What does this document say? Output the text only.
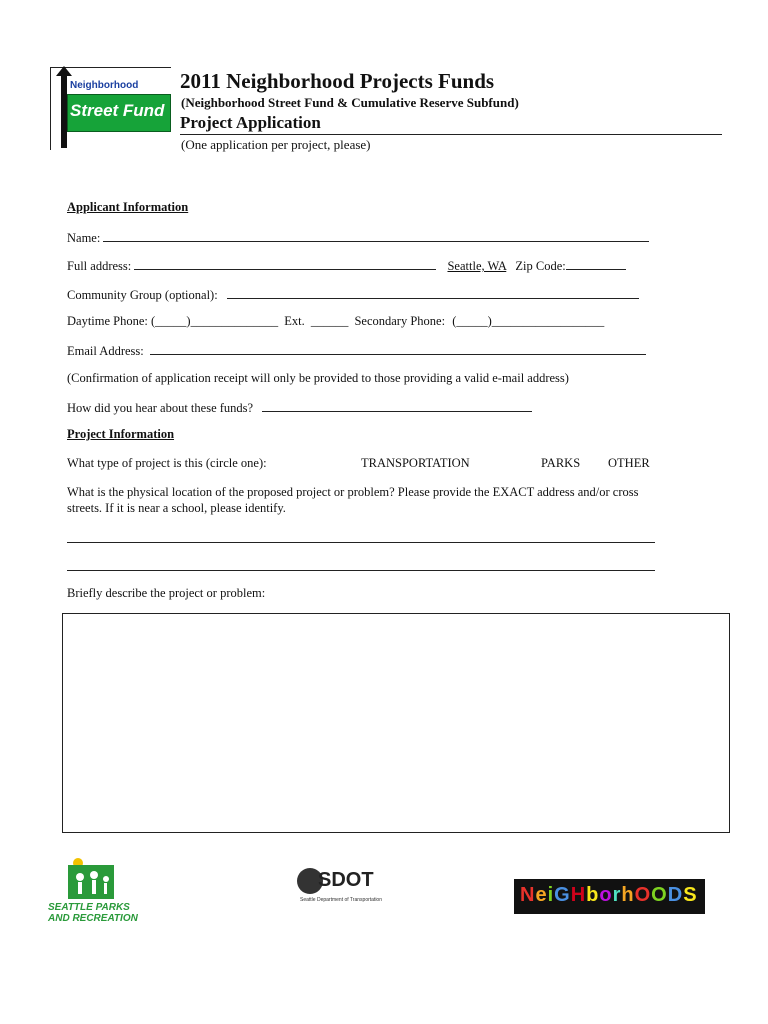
Neighborhood
Street Fund
2011 Neighborhood Projects Funds
(Neighborhood Street Fund & Cumulative Reserve Subfund)
Project Application
(One application per project, please)
Applicant Information
Name:
Full address:	Seattle, WA Zip Code:
Community Group (optional):
Daytime Phone: (_____)______________ Ext. ______ Secondary Phone: (_____)__________________
Email Address:
(Confirmation of application receipt will only be provided to those providing a valid e-mail address)
How did you hear about these funds?
Project Information
What type of project is this (circle one):	TRANSPORTATION	PARKS OTHER
What is the physical location of the proposed project or problem? Please provide the EXACT address and/or cross
streets. If it is near a school, please identify.
Briefly describe the project or problem:
SEATTLE PARKS
AND RECREATION
SDOT
Seattle Department of Transportation	NeiGHborhOODS
